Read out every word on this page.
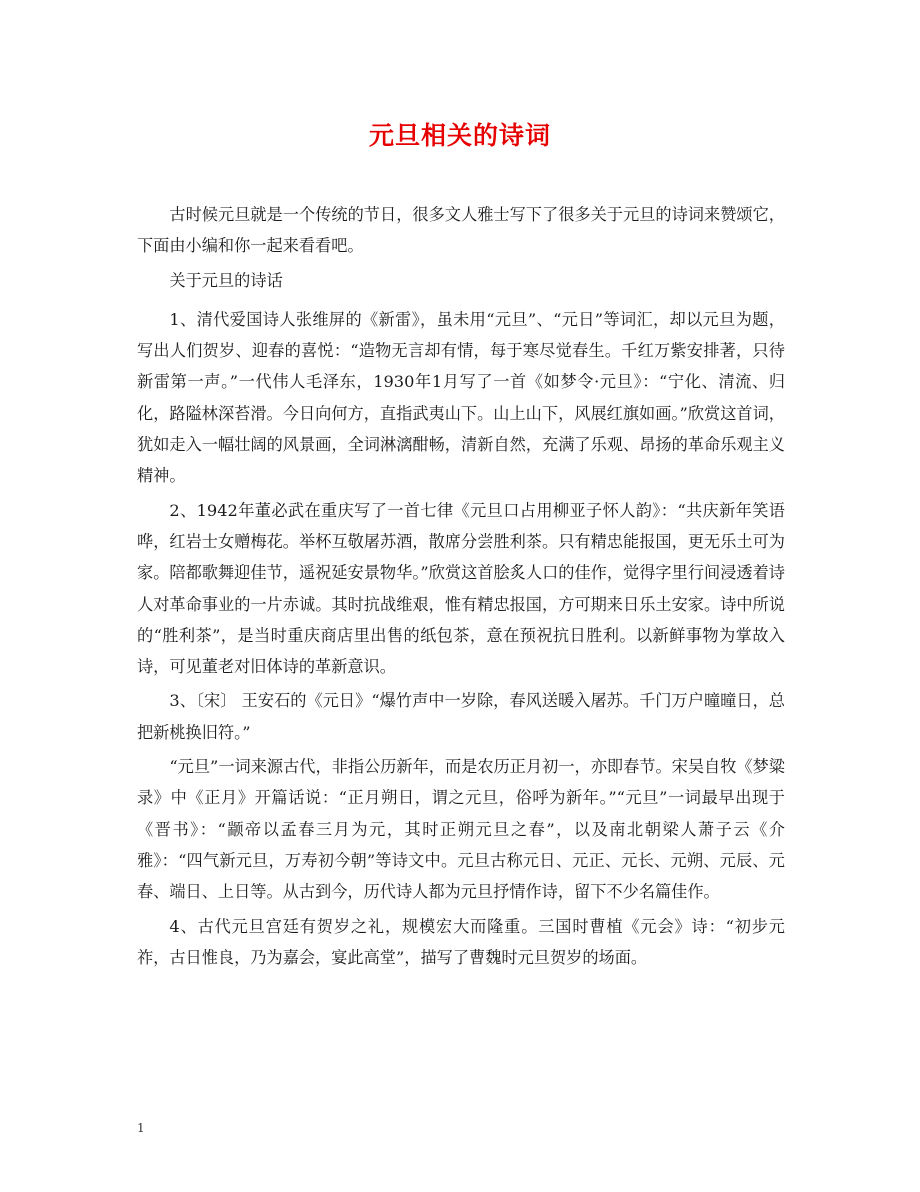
元旦相关的诗词

古时候元旦就是一个传统的节日，很多文人雅士写下了很多关于元旦的诗词来赞颂它，下面由小编和你一起来看看吧。

关于元旦的诗话

1、清代爱国诗人张维屏的《新雷》，虽未用“元旦”、“元日”等词汇，却以元旦为题，写出人们贺岁、迎春的喜悦：“造物无言却有情，每于寒尽觉春生。千红万紫安排著，只待新雷第一声。”一代伟人毛泽东，1930年1月写了一首《如梦令·元旦》：“宁化、清流、归化，路隘林深苔滑。今日向何方，直指武夷山下。山上山下，风展红旗如画。”欣赏这首词，犹如走入一幅壮阔的风景画，全词淋漓酣畅，清新自然，充满了乐观、昂扬的革命乐观主义精神。

2、1942年董必武在重庆写了一首七律《元旦口占用柳亚子怀人韵》：“共庆新年笑语哗，红岩士女赠梅花。举杯互敬屠苏酒，散席分尝胜利茶。只有精忠能报国，更无乐土可为家。陪都歌舞迎佳节，遥祝延安景物华。”欣赏这首脍炙人口的佳作，觉得字里行间浸透着诗人对革命事业的一片赤诚。其时抗战维艰，惟有精忠报国，方可期来日乐土安家。诗中所说的“胜利茶”，是当时重庆商店里出售的纸包茶，意在预祝抗日胜利。以新鲜事物为掌故入诗，可见董老对旧体诗的革新意识。

3、〔宋〕 王安石的《元日》“爆竹声中一岁除，春风送暖入屠苏。千门万户曈曈日，总把新桃换旧符。”

“元旦”一词来源古代，非指公历新年，而是农历正月初一，亦即春节。宋吴自牧《梦粱录》中《正月》开篇话说：“正月朔日，谓之元旦，俗呼为新年。”“元旦”一词最早出现于《晋书》：“颛帝以孟春三月为元，其时正朔元旦之春”，以及南北朝梁人萧子云《介雅》：“四气新元旦，万寿初今朝”等诗文中。元旦古称元日、元正、元长、元朔、元辰、元春、端日、上日等。从古到今，历代诗人都为元旦抒情作诗，留下不少名篇佳作。

4、古代元旦宫廷有贺岁之礼，规模宏大而隆重。三国时曹植《元会》诗：“初步元祚，古日惟良，乃为嘉会，宴此高堂”，描写了曹魏时元旦贺岁的场面。

1
